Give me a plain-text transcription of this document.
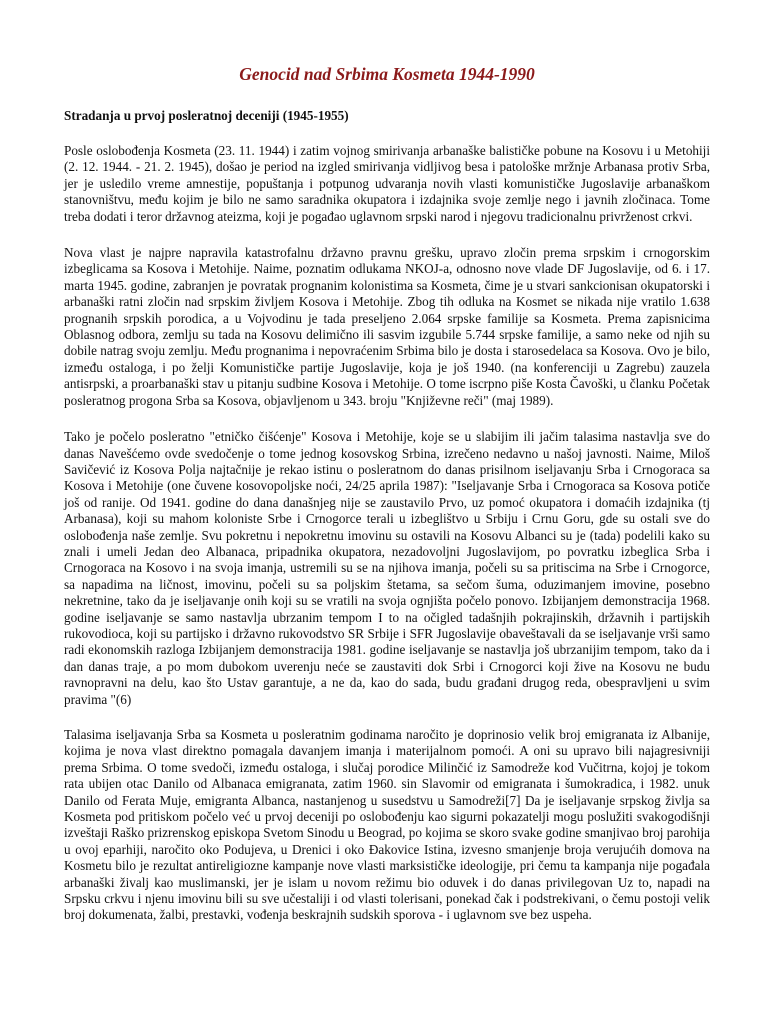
Genocid nad Srbima Kosmeta 1944-1990
Stradanja u prvoj posleratnoj deceniji (1945-1955)

Posle oslobođenja Kosmeta (23. 11. 1944) i zatim vojnog smirivanja arbanaške balističke pobune na Kosovu i u Metohiji (2. 12. 1944. - 21. 2. 1945), došao je period na izgled smirivanja vidljivog besa i patološke mržnje Arbanasa protiv Srba, jer je usledilo vreme amnestije, popuštanja i potpunog udvaranja novih vlasti komunističke Jugoslavije arbanaškom stanovništvu, među kojim je bilo ne samo saradnika okupatora i izdajnika svoje zemlje nego i javnih zločinaca. Tome treba dodati i teror državnog ateizma, koji je pogađao uglavnom srpski narod i njegovu tradicionalnu privrženost crkvi.

Nova vlast je najpre napravila katastrofalnu državno pravnu grešku, upravo zločin prema srpskim i crnogorskim izbeglicama sa Kosova i Metohije. Naime, poznatim odlukama NKOJ-a, odnosno nove vlade DF Jugoslavije, od 6. i 17. marta 1945. godine, zabranjen je povratak prognanim kolonistima sa Kosmeta, čime je u stvari sankcionisan okupatorski i arbanaški ratni zločin nad srpskim življem Kosova i Metohije. Zbog tih odluka na Kosmet se nikada nije vratilo 1.638 prognanih srpskih porodica, a u Vojvodinu je tada preseljeno 2.064 srpske familije sa Kosmeta. Prema zapisnicima Oblasnog odbora, zemlju su tada na Kosovu delimično ili sasvim izgubile 5.744 srpske familije, a samo neke od njih su dobile natrag svoju zemlju. Među prognanima i nepovraćenim Srbima bilo je dosta i starosedelaca sa Kosova. Ovo je bilo, između ostaloga, i po želji Komunističke partije Jugoslavije, koja je još 1940. (na konferenciji u Zagrebu) zauzela antisrpski, a proarbanaški stav u pitanju sudbine Kosova i Metohije. O tome iscrpno piše Kosta Čavoški, u članku Početak posleratnog progona Srba sa Kosova, objavljenom u 343. broju "Književne reči" (maj 1989).

Tako je počelo posleratno "etničko čišćenje" Kosova i Metohije, koje se u slabijim ili jačim talasima nastavlja sve do danas Navešćemo ovde svedočenje o tome jednog kosovskog Srbina, izrečeno nedavno u našoj javnosti. Naime, Miloš Savičević iz Kosova Polja najtačnije je rekao istinu o posleratnom do danas prisilnom iseljavanju Srba i Crnogoraca sa Kosova i Metohije (one čuvene kosovopoljske noći, 24/25 aprila 1987): "Iseljavanje Srba i Crnogoraca sa Kosova potiče još od ranije. Od 1941. godine do dana današnjeg nije se zaustavilo Prvo, uz pomoć okupatora i domaćih izdajnika (tj Arbanasa), koji su mahom koloniste Srbe i Crnogorce terali u izbeglištvo u Srbiju i Crnu Goru, gde su ostali sve do oslobođenja naše zemlje. Svu pokretnu i nepokretnu imovinu su ostavili na Kosovu Albanci su je (tada) podelili kako su znali i umeli Jedan deo Albanaca, pripadnika okupatora, nezadovoljni Jugoslavijom, po povratku izbeglica Srba i Crnogoraca na Kosovo i na svoja imanja, ustremili su se na njihova imanja, počeli su sa pritiscima na Srbe i Crnogorce, sa napadima na ličnost, imovinu, počeli su sa poljskim štetama, sa sečom šuma, oduzimanjem imovine, posebno nekretnine, tako da je iseljavanje onih koji su se vratili na svoja ognjišta počelo ponovo. Izbijanjem demonstracija 1968. godine iseljavanje se samo nastavlja ubrzanim tempom I to na očigled tadašnjih pokrajinskih, državnih i partijskih rukovodioca, koji su partijsko i državno rukovodstvo SR Srbije i SFR Jugoslavije obaveštavali da se iseljavanje vrši samo radi ekonomskih razloga Izbijanjem demonstracija 1981. godine iseljavanje se nastavlja još ubrzanijim tempom, tako da i dan danas traje, a po mom dubokom uverenju neće se zaustaviti dok Srbi i Crnogorci koji žive na Kosovu ne budu ravnopravni na delu, kao što Ustav garantuje, a ne da, kao do sada, budu građani drugog reda, obespravljeni u svim pravima "(6)

Talasima iseljavanja Srba sa Kosmeta u posleratnim godinama naročito je doprinosio velik broj emigranata iz Albanije, kojima je nova vlast direktno pomagala davanjem imanja i materijalnom pomoći. A oni su upravo bili najagresivniji prema Srbima. O tome svedoči, između ostaloga, i slučaj porodice Milinčić iz Samodreže kod Vučitrna, kojoj je tokom rata ubijen otac Danilo od Albanaca emigranata, zatim 1960. sin Slavomir od emigranata i šumokradica, i 1982. unuk Danilo od Ferata Muje, emigranta Albanca, nastanjenog u susedstvu u Samodreži[7] Da je iseljavanje srpskog življa sa Kosmeta pod pritiskom počelo već u prvoj deceniji po oslobođenju kao sigurni pokazatelji mogu poslužiti svakogodišnji izveštaji Raško prizrenskog episkopa Svetom Sinodu u Beograd, po kojima se skoro svake godine smanjivao broj parohija u ovoj eparhiji, naročito oko Podujeva, u Drenici i oko Đakovice Istina, izvesno smanjenje broja verujućih domova na Kosmetu bilo je rezultat antireligiozne kampanje nove vlasti marksističke ideologije, pri čemu ta kampanja nije pogađala arbanaški živalj kao muslimanski, jer je islam u novom režimu bio oduvek i do danas privilegovan Uz to, napadi na Srpsku crkvu i njenu imovinu bili su sve učestaliji i od vlasti tolerisani, ponekad čak i podstrekivani, o čemu postoji velik broj dokumenata, žalbi, prestavki, vođenja beskrajnih sudskih sporova - i uglavnom sve bez uspeha.
